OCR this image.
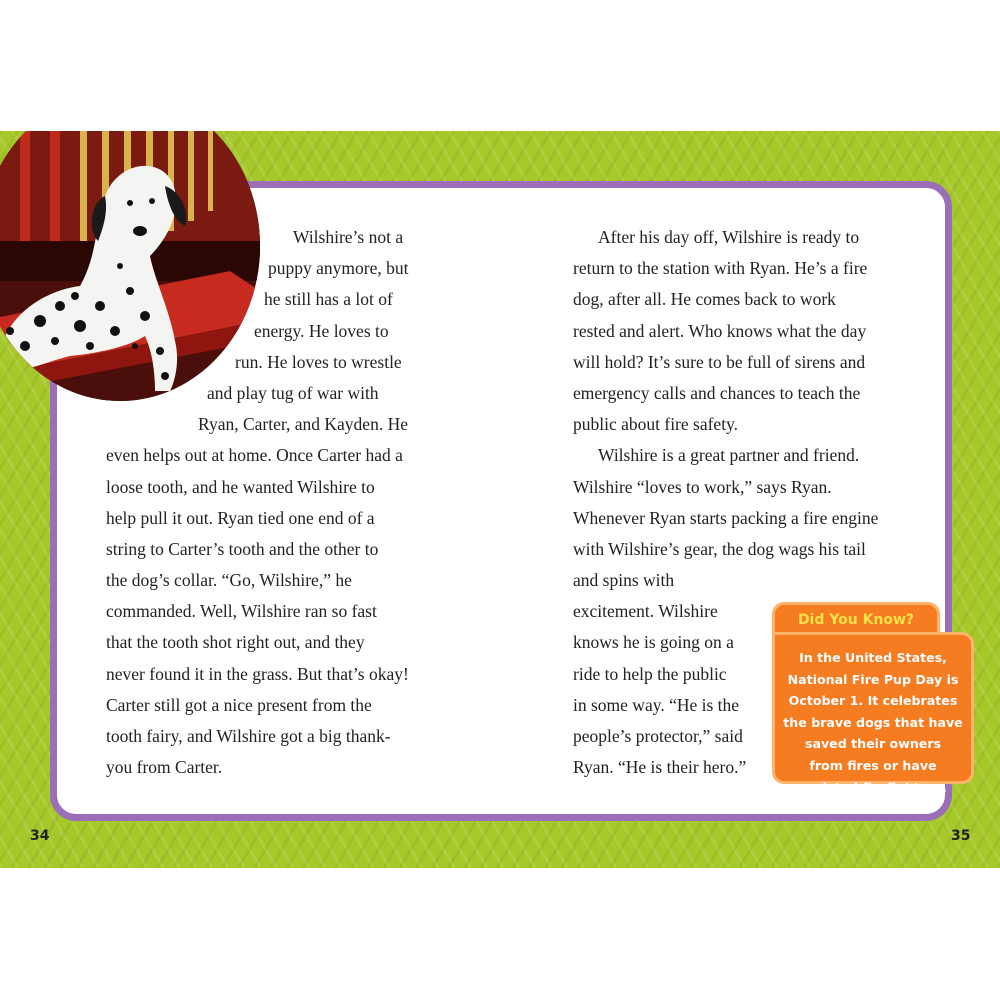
34	35

Wilshire’s not a
puppy anymore, but
he still has a lot of
energy. He loves to
run. He loves to wrestle
and play tug of war with
Ryan, Carter, and Kayden. He
even helps out at home. Once Carter had a
loose tooth, and he wanted Wilshire to
help pull it out. Ryan tied one end of a
string to Carter’s tooth and the other to
the dog’s collar. “Go, Wilshire,” he
commanded. Well, Wilshire ran so fast
that the tooth shot right out, and they
never found it in the grass. But that’s okay!
Carter still got a nice present from the
tooth fairy, and Wilshire got a big thank-
you from Carter.

After his day off, Wilshire is ready to
return to the station with Ryan. He’s a fire
dog, after all. He comes back to work
rested and alert. Who knows what the day
will hold? It’s sure to be full of sirens and
emergency calls and chances to teach the
public about fire safety.
Wilshire is a great partner and friend.
Wilshire “loves to work,” says Ryan.
Whenever Ryan starts packing a fire engine
with Wilshire’s gear, the dog wags his tail
and spins with
excitement. Wilshire
knows he is going on a
ride to help the public
in some way. “He is the
people’s protector,” said
Ryan. “He is their hero.”

Did You Know?
In the United States,
National Fire Pup Day is
October 1. It celebrates
the brave dogs that have
saved their owners
from fires or have
assisted firefighters.
